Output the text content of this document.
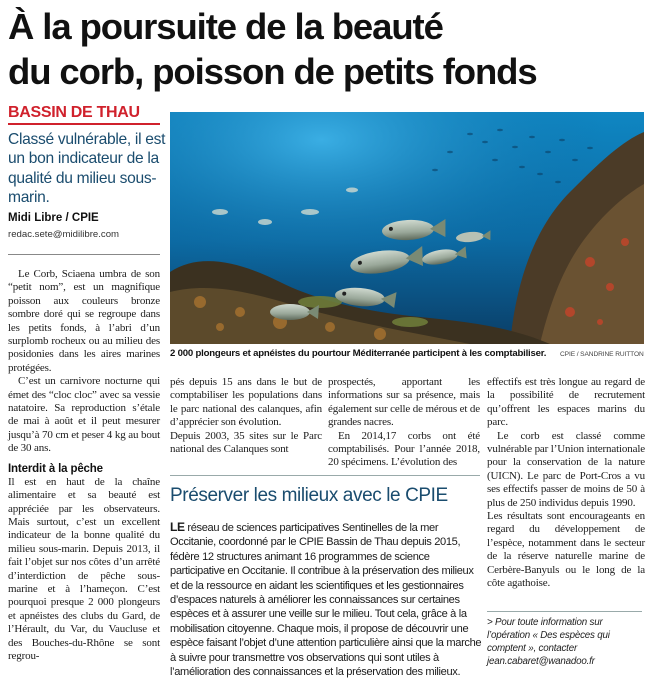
À la poursuite de la beauté
du corb, poisson de petits fonds
BASSIN DE THAU
Classé vulnérable, il est un bon indicateur de la qualité du milieu sous-marin.
Midi Libre / CPIE
redac.sete@midilibre.com

Le Corb, Sciaena umbra de son “petit nom”, est un magnifique poisson aux couleurs bronze sombre doré qui se regroupe dans les petits fonds, à l’abri d’un surplomb rocheux ou au milieu des posidonies dans les aires marines protégées.

C’est un carnivore nocturne qui émet des “cloc cloc” avec sa vessie natatoire. Sa reproduction s’étale de mai à août et il peut mesurer jusqu’à 70 cm et peser 4 kg au bout de 30 ans.

Interdit à la pêche

Il est en haut de la chaîne alimentaire et sa beauté est appréciée par les observateurs. Mais surtout, c’est un excellent indicateur de la bonne qualité du milieu sous-marin. Depuis 2013, il fait l’objet sur nos côtes d’un arrêté d’interdiction de pêche sous-marine et à l’hameçon. C’est pourquoi presque 2 000 plongeurs et apnéistes des clubs du Gard, de l’Hérault, du Var, du Vaucluse et des Bouches-du-Rhône se sont regrou-

2 000 plongeurs et apnéistes du pourtour Méditerranée participent à les comptabiliser.	CPIE / SANDRINE RUITTON

pés depuis 15 ans dans le but de comptabiliser les populations dans le parc national des calanques, afin d’apprécier son évolution.

Depuis 2003, 35 sites sur le Parc national des Calanques sont

prospectés, apportant les informations sur sa présence, mais également sur celle de mérous et de grandes nacres.

En 2014,17 corbs ont été comptabilisés. Pour l’année 2018, 20 spécimens. L’évolution des

effectifs est très longue au regard de la possibilité de recrutement qu’offrent les espaces marins du parc.

Le corb est classé comme vulnérable par l’Union internationale pour la conservation de la nature (UICN). Le parc de Port-Cros a vu ses effectifs passer de moins de 50 à plus de 250 individus depuis 1990.

Les résultats sont encourageants en regard du développement de l’espèce, notamment dans le secteur de la réserve naturelle marine de Cerbère-Banyuls ou le long de la côte agathoise.

Préserver les milieux avec le CPIE
LE réseau de sciences participatives Sentinelles de la mer Occitanie, coordonné par le CPIE Bassin de Thau depuis 2015, fédère 12 structures animant 16 programmes de science participative en Occitanie. Il contribue à la préservation des milieux et de la ressource en aidant les scientifiques et les gestionnaires d’espaces naturels à améliorer les connaissances sur certaines espèces et à assurer une veille sur le milieu. Tout cela, grâce à la mobilisation citoyenne. Chaque mois, il propose de découvrir une espèce faisant l’objet d’une attention particulière ainsi que la marche à suivre pour transmettre vos observations qui sont utiles à l’amélioration des connaissances et la préservation des milieux.
> Pour toute information sur l’opération « Des espèces qui comptent », contacter jean.cabaret@wanadoo.fr
